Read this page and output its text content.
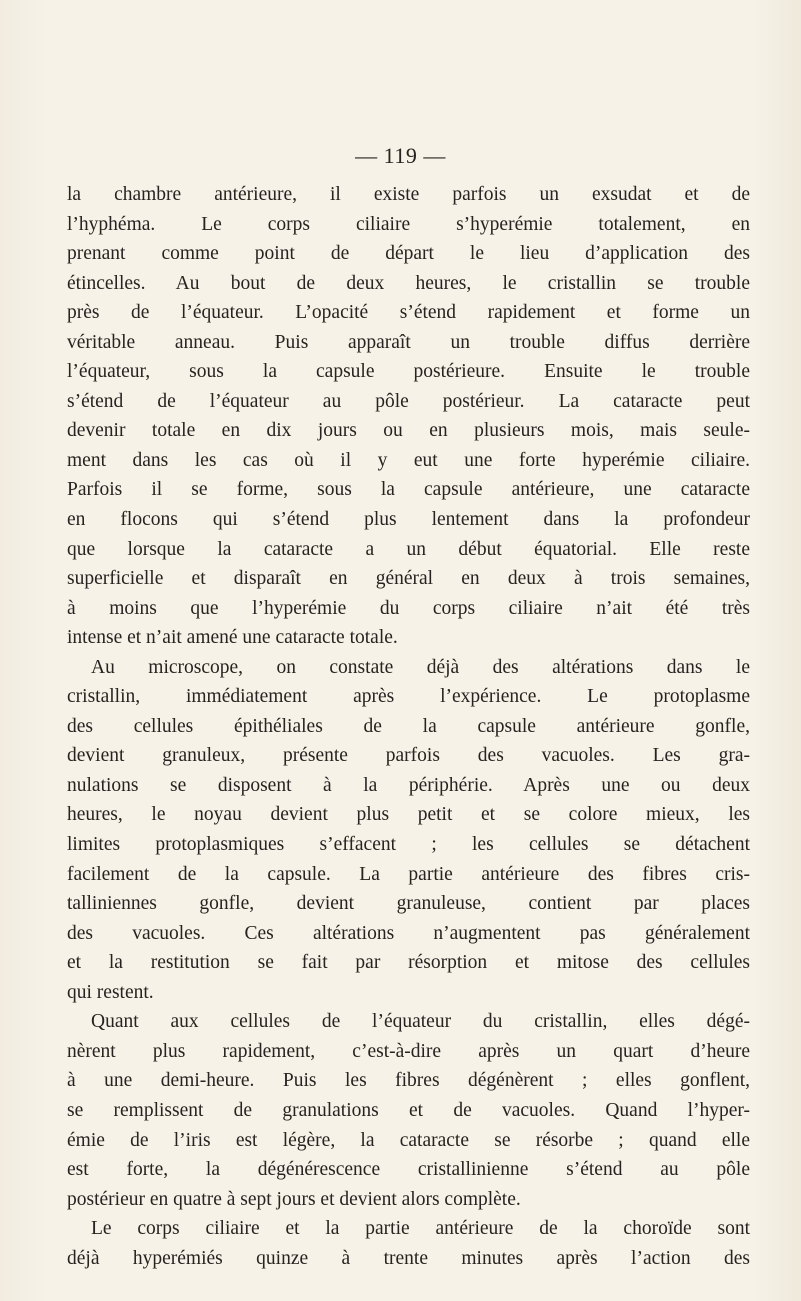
— 119 —
la chambre antérieure, il existe parfois un exsudat et de
l’hyphéma. Le corps ciliaire s’hyperémie totalement, en
prenant comme point de départ le lieu d’application des
étincelles. Au bout de deux heures, le cristallin se trouble
près de l’équateur. L’opacité s’étend rapidement et forme un
véritable anneau. Puis apparaît un trouble diffus derrière
l’équateur, sous la capsule postérieure. Ensuite le trouble
s’étend de l’équateur au pôle postérieur. La cataracte peut
devenir totale en dix jours ou en plusieurs mois, mais seule-
ment dans les cas où il y eut une forte hyperémie ciliaire.
Parfois il se forme, sous la capsule antérieure, une cataracte
en flocons qui s’étend plus lentement dans la profondeur
que lorsque la cataracte a un début équatorial. Elle reste
superficielle et disparaît en général en deux à trois semaines,
à moins que l’hyperémie du corps ciliaire n’ait été très
intense et n’ait amené une cataracte totale.
Au microscope, on constate déjà des altérations dans le
cristallin, immédiatement après l’expérience. Le protoplasme
des cellules épithéliales de la capsule antérieure gonfle,
devient granuleux, présente parfois des vacuoles. Les gra-
nulations se disposent à la périphérie. Après une ou deux
heures, le noyau devient plus petit et se colore mieux, les
limites protoplasmiques s’effacent ; les cellules se détachent
facilement de la capsule. La partie antérieure des fibres cris-
talliniennes gonfle, devient granuleuse, contient par places
des vacuoles. Ces altérations n’augmentent pas généralement
et la restitution se fait par résorption et mitose des cellules
qui restent.
Quant aux cellules de l’équateur du cristallin, elles dégé-
nèrent plus rapidement, c’est-à-dire après un quart d’heure
à une demi-heure. Puis les fibres dégénèrent ; elles gonflent,
se remplissent de granulations et de vacuoles. Quand l’hyper-
émie de l’iris est légère, la cataracte se résorbe ; quand elle
est forte, la dégénérescence cristallinienne s’étend au pôle
postérieur en quatre à sept jours et devient alors complète.
Le corps ciliaire et la partie antérieure de la choroïde sont
déjà hyperémiés quinze à trente minutes après l’action des
